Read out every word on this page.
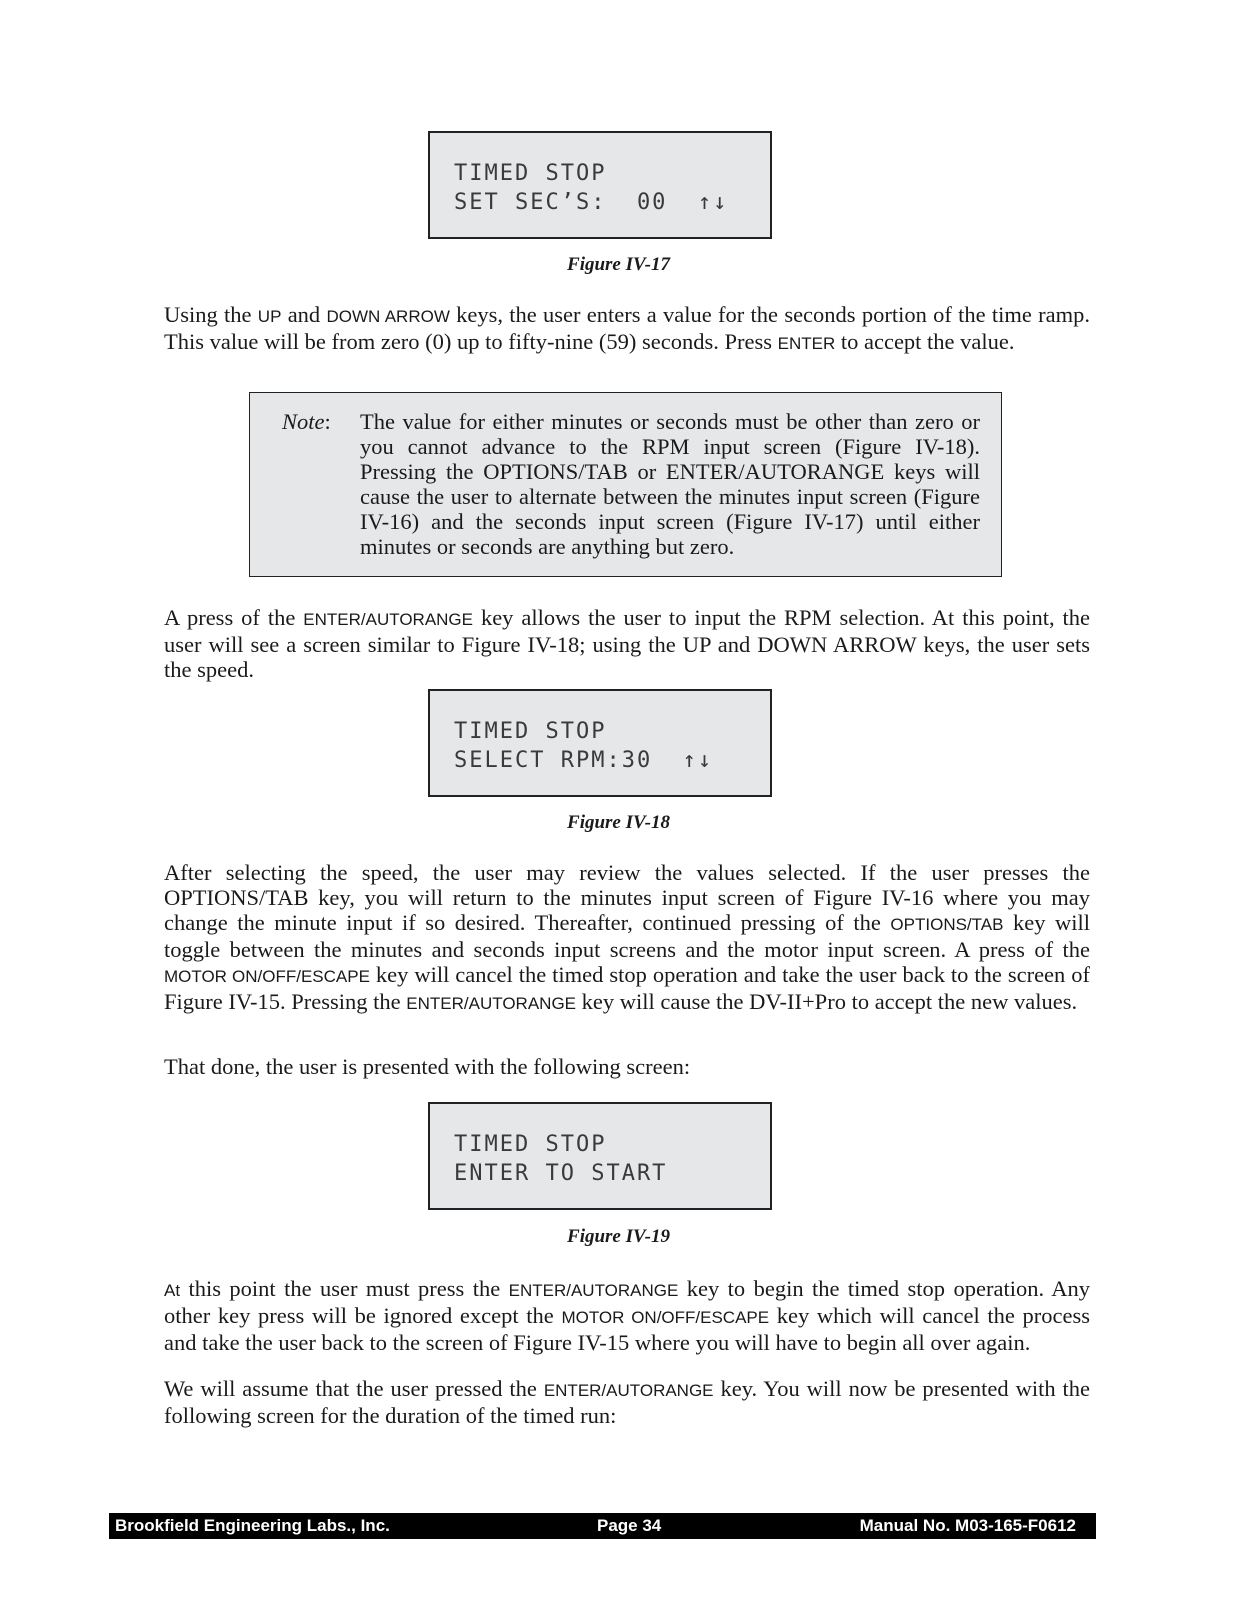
TIMED STOP
SET SEC’S:  00  ↑↓
Figure IV-17
Using the UP and DOWN ARROW keys, the user enters a value for the seconds portion of the time ramp. This value will be from zero (0) up to fifty-nine (59) seconds. Press ENTER to accept the value.
Note: The value for either minutes or seconds must be other than zero or you cannot advance to the RPM input screen (Figure IV-18). Pressing the OPTIONS/TAB or ENTER/AUTORANGE keys will cause the user to alternate between the minutes input screen (Figure IV-16) and the seconds input screen (Figure IV-17) until either minutes or seconds are anything but zero.
A press of the ENTER/AUTORANGE key allows the user to input the RPM selection. At this point, the user will see a screen similar to Figure IV-18; using the UP and DOWN ARROW keys, the user sets the speed.
TIMED STOP
SELECT RPM:30  ↑↓
Figure IV-18
After selecting the speed, the user may review the values selected. If the user presses the OPTIONS/TAB key, you will return to the minutes input screen of Figure IV-16 where you may change the minute input if so desired. Thereafter, continued pressing of the OPTIONS/TAB key will toggle between the minutes and seconds input screens and the motor input screen. A press of the MOTOR ON/OFF/ESCAPE key will cancel the timed stop operation and take the user back to the screen of Figure IV-15. Pressing the ENTER/AUTORANGE key will cause the DV-II+Pro to accept the new values.
That done, the user is presented with the following screen:
TIMED STOP
ENTER TO START
Figure IV-19
At this point the user must press the ENTER/AUTORANGE key to begin the timed stop operation. Any other key press will be ignored except the MOTOR ON/OFF/ESCAPE key which will cancel the process and take the user back to the screen of Figure IV-15 where you will have to begin all over again.
We will assume that the user pressed the ENTER/AUTORANGE key. You will now be presented with the following screen for the duration of the timed run:
Brookfield Engineering Labs., Inc.	Page 34	Manual No. M03-165-F0612
